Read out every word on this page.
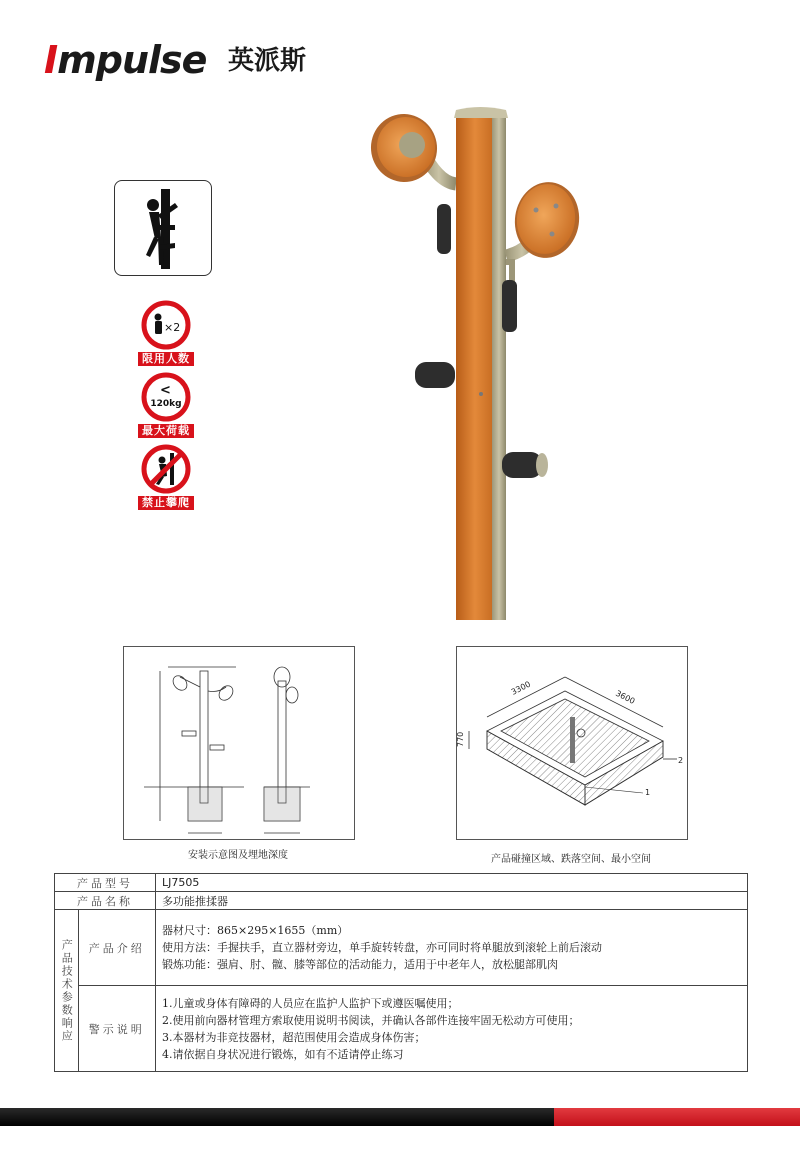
Impulse 英派斯
×2
限用人数
<
120kg
最大荷载
禁止攀爬
安装示意图及埋地深度
3300
3600
770
1
2
产品碰撞区域、跌落空间、最小空间
产品型号		LJ7505
产品名称		多功能推揉器

产品技术参数响应	产品介绍	器材尺寸：865×295×1655（mm）
使用方法：手握扶手，直立器材旁边，单手旋转转盘，亦可同时将单腿放到滚轮上前后滚动
锻炼功能：强肩、肘、髋、膝等部位的活动能力，适用于中老年人，放松腿部肌肉

	警示说明	1.儿童或身体有障碍的人员应在监护人监护下或遵医嘱使用；
2.使用前向器材管理方索取使用说明书阅读，并确认各部件连接牢固无松动方可使用；
3.本器材为非竞技器材，超范围使用会造成身体伤害；
4.请依据自身状况进行锻炼，如有不适请停止练习
